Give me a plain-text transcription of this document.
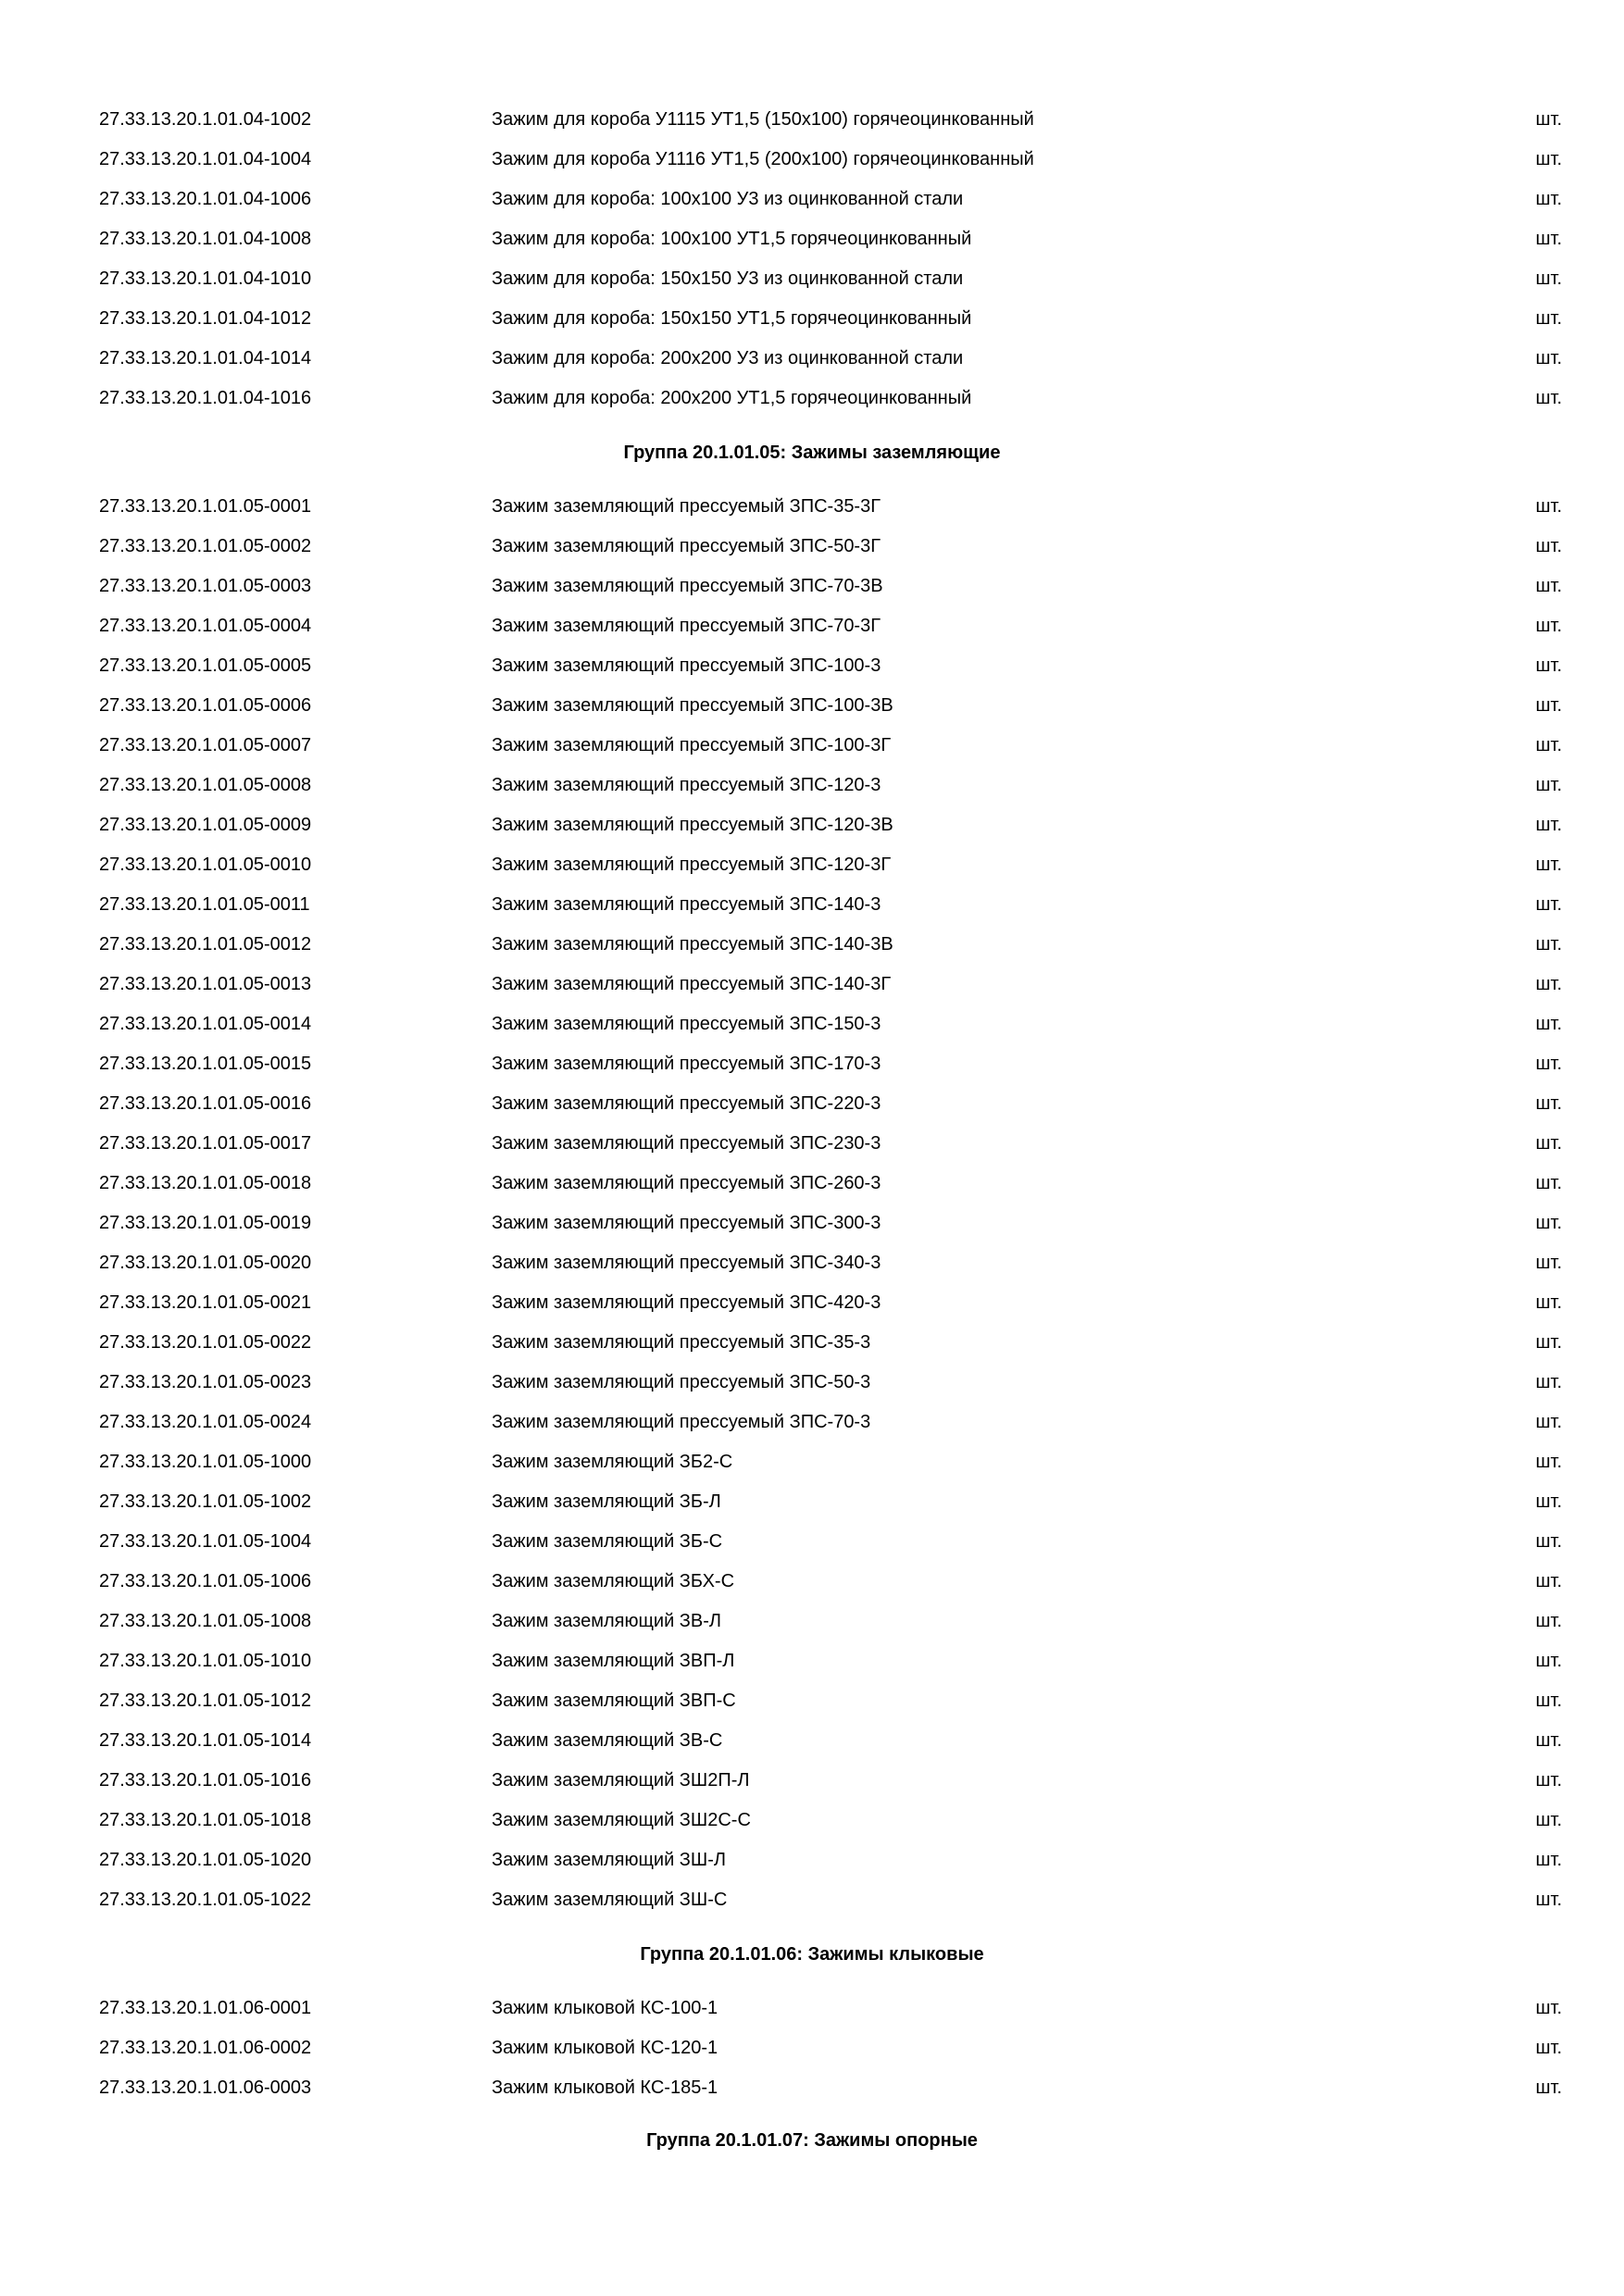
27.33.13.20.1.01.04-1002	Зажим для короба У1115 УТ1,5 (150х100) горячеоцинкованный	шт.
27.33.13.20.1.01.04-1004	Зажим для короба У1116 УТ1,5 (200х100) горячеоцинкованный	шт.
27.33.13.20.1.01.04-1006	Зажим для короба: 100х100 У3 из оцинкованной стали	шт.
27.33.13.20.1.01.04-1008	Зажим для короба: 100х100 УТ1,5 горячеоцинкованный	шт.
27.33.13.20.1.01.04-1010	Зажим для короба: 150х150 У3 из оцинкованной стали	шт.
27.33.13.20.1.01.04-1012	Зажим для короба: 150х150 УТ1,5 горячеоцинкованный	шт.
27.33.13.20.1.01.04-1014	Зажим для короба: 200х200 У3 из оцинкованной стали	шт.
27.33.13.20.1.01.04-1016	Зажим для короба: 200х200 УТ1,5 горячеоцинкованный	шт.
Группа 20.1.01.05: Зажимы заземляющие
27.33.13.20.1.01.05-0001	Зажим заземляющий прессуемый ЗПС-35-3Г	шт.
27.33.13.20.1.01.05-0002	Зажим заземляющий прессуемый ЗПС-50-3Г	шт.
27.33.13.20.1.01.05-0003	Зажим заземляющий прессуемый ЗПС-70-3В	шт.
27.33.13.20.1.01.05-0004	Зажим заземляющий прессуемый ЗПС-70-3Г	шт.
27.33.13.20.1.01.05-0005	Зажим заземляющий прессуемый ЗПС-100-3	шт.
27.33.13.20.1.01.05-0006	Зажим заземляющий прессуемый ЗПС-100-3В	шт.
27.33.13.20.1.01.05-0007	Зажим заземляющий прессуемый ЗПС-100-3Г	шт.
27.33.13.20.1.01.05-0008	Зажим заземляющий прессуемый ЗПС-120-3	шт.
27.33.13.20.1.01.05-0009	Зажим заземляющий прессуемый ЗПС-120-3В	шт.
27.33.13.20.1.01.05-0010	Зажим заземляющий прессуемый ЗПС-120-3Г	шт.
27.33.13.20.1.01.05-0011	Зажим заземляющий прессуемый ЗПС-140-3	шт.
27.33.13.20.1.01.05-0012	Зажим заземляющий прессуемый ЗПС-140-3В	шт.
27.33.13.20.1.01.05-0013	Зажим заземляющий прессуемый ЗПС-140-3Г	шт.
27.33.13.20.1.01.05-0014	Зажим заземляющий прессуемый ЗПС-150-3	шт.
27.33.13.20.1.01.05-0015	Зажим заземляющий прессуемый ЗПС-170-3	шт.
27.33.13.20.1.01.05-0016	Зажим заземляющий прессуемый ЗПС-220-3	шт.
27.33.13.20.1.01.05-0017	Зажим заземляющий прессуемый ЗПС-230-3	шт.
27.33.13.20.1.01.05-0018	Зажим заземляющий прессуемый ЗПС-260-3	шт.
27.33.13.20.1.01.05-0019	Зажим заземляющий прессуемый ЗПС-300-3	шт.
27.33.13.20.1.01.05-0020	Зажим заземляющий прессуемый ЗПС-340-3	шт.
27.33.13.20.1.01.05-0021	Зажим заземляющий прессуемый ЗПС-420-3	шт.
27.33.13.20.1.01.05-0022	Зажим заземляющий прессуемый ЗПС-35-3	шт.
27.33.13.20.1.01.05-0023	Зажим заземляющий прессуемый ЗПС-50-3	шт.
27.33.13.20.1.01.05-0024	Зажим заземляющий прессуемый ЗПС-70-3	шт.
27.33.13.20.1.01.05-1000	Зажим заземляющий ЗБ2-С	шт.
27.33.13.20.1.01.05-1002	Зажим заземляющий ЗБ-Л	шт.
27.33.13.20.1.01.05-1004	Зажим заземляющий ЗБ-С	шт.
27.33.13.20.1.01.05-1006	Зажим заземляющий ЗБХ-С	шт.
27.33.13.20.1.01.05-1008	Зажим заземляющий ЗВ-Л	шт.
27.33.13.20.1.01.05-1010	Зажим заземляющий ЗВП-Л	шт.
27.33.13.20.1.01.05-1012	Зажим заземляющий ЗВП-С	шт.
27.33.13.20.1.01.05-1014	Зажим заземляющий ЗВ-С	шт.
27.33.13.20.1.01.05-1016	Зажим заземляющий ЗШ2П-Л	шт.
27.33.13.20.1.01.05-1018	Зажим заземляющий ЗШ2С-С	шт.
27.33.13.20.1.01.05-1020	Зажим заземляющий ЗШ-Л	шт.
27.33.13.20.1.01.05-1022	Зажим заземляющий ЗШ-С	шт.
Группа 20.1.01.06: Зажимы клыковые
27.33.13.20.1.01.06-0001	Зажим клыковой КС-100-1	шт.
27.33.13.20.1.01.06-0002	Зажим клыковой КС-120-1	шт.
27.33.13.20.1.01.06-0003	Зажим клыковой КС-185-1	шт.
Группа 20.1.01.07: Зажимы опорные
